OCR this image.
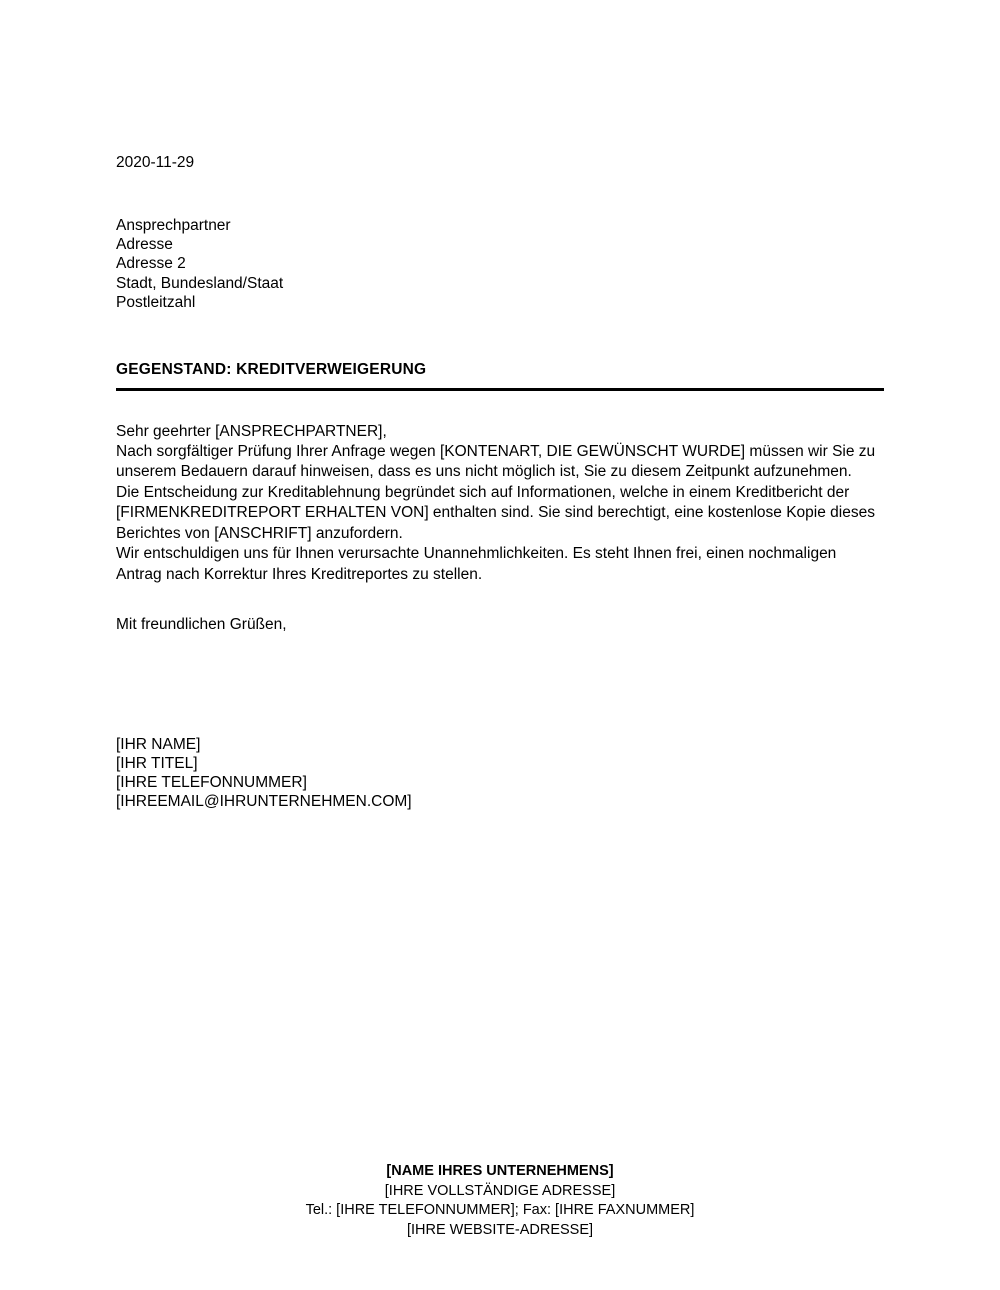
2020-11-29
Ansprechpartner
Adresse
Adresse 2
Stadt, Bundesland/Staat
Postleitzahl
GEGENSTAND: KREDITVERWEIGERUNG
Sehr geehrter [ANSPRECHPARTNER],

Nach sorgfältiger Prüfung Ihrer Anfrage wegen [KONTENART, DIE GEWÜNSCHT WURDE] müssen wir Sie zu unserem Bedauern darauf hinweisen, dass es uns nicht möglich ist, Sie zu diesem Zeitpunkt aufzunehmen.

Die Entscheidung zur Kreditablehnung begründet sich auf Informationen, welche in einem Kreditbericht der [FIRMENKREDITREPORT ERHALTEN VON] enthalten sind. Sie sind berechtigt, eine kostenlose Kopie dieses Berichtes von [ANSCHRIFT] anzufordern.

Wir entschuldigen uns für Ihnen verursachte Unannehmlichkeiten. Es steht Ihnen frei, einen nochmaligen Antrag nach Korrektur Ihres Kreditreportes zu stellen.

Mit freundlichen Grüßen,
[IHR NAME]
[IHR TITEL]
[IHRE TELEFONNUMMER]
[IHREEMAIL@IHRUNTERNEHMEN.COM]
[NAME IHRES UNTERNEHMENS]
[IHRE VOLLSTÄNDIGE ADRESSE]
Tel.: [IHRE TELEFONNUMMER]; Fax: [IHRE FAXNUMMER]
[IHRE WEBSITE-ADRESSE]
